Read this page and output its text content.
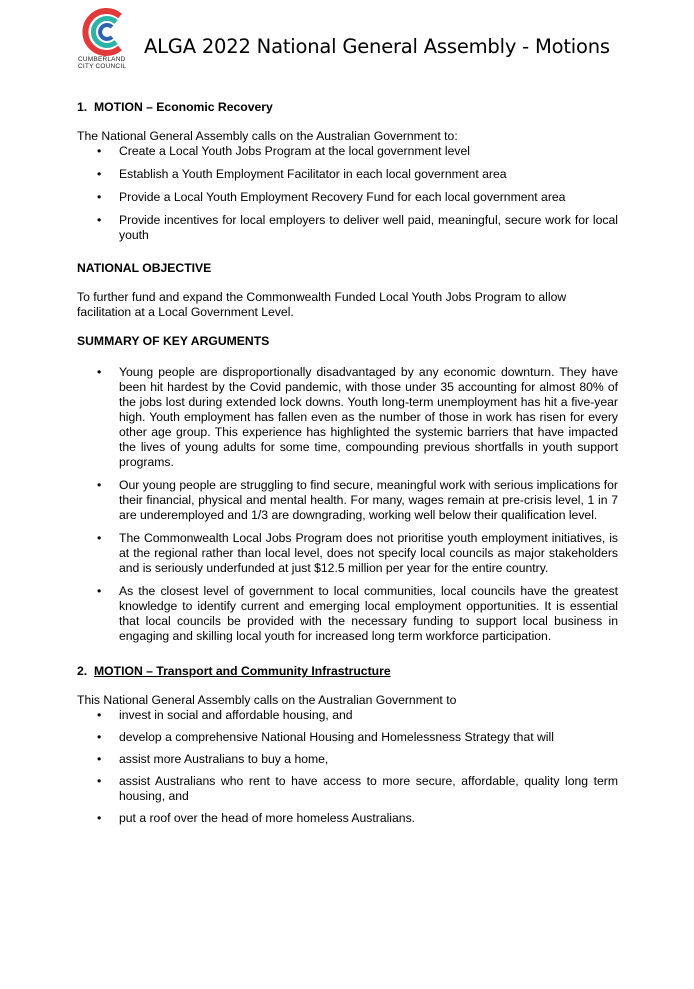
CUMBERLAND
CITY COUNCIL
ALGA 2022 National General Assembly - Motions
1. MOTION – Economic Recovery

The National General Assembly calls on the Australian Government to:

• Create a Local Youth Jobs Program at the local government level
• Establish a Youth Employment Facilitator in each local government area
• Provide a Local Youth Employment Recovery Fund for each local government area
• Provide incentives for local employers to deliver well paid, meaningful, secure work for local youth
NATIONAL OBJECTIVE

To further fund and expand the Commonwealth Funded Local Youth Jobs Program to allow facilitation at a Local Government Level.

SUMMARY OF KEY ARGUMENTS
• Young people are disproportionally disadvantaged by any economic downturn. They have been hit hardest by the Covid pandemic, with those under 35 accounting for almost 80% of the jobs lost during extended lock downs. Youth long-term unemployment has hit a five-year high. Youth employment has fallen even as the number of those in work has risen for every other age group. This experience has highlighted the systemic barriers that have impacted the lives of young adults for some time, compounding previous shortfalls in youth support programs.
• Our young people are struggling to find secure, meaningful work with serious implications for their financial, physical and mental health. For many, wages remain at pre-crisis level, 1 in 7 are underemployed and 1/3 are downgrading, working well below their qualification level.
• The Commonwealth Local Jobs Program does not prioritise youth employment initiatives, is at the regional rather than local level, does not specify local councils as major stakeholders and is seriously underfunded at just $12.5 million per year for the entire country.
• As the closest level of government to local communities, local councils have the greatest knowledge to identify current and emerging local employment opportunities. It is essential that local councils be provided with the necessary funding to support local business in engaging and skilling local youth for increased long term workforce participation.
2. MOTION – Transport and Community Infrastructure

This National General Assembly calls on the Australian Government to

• invest in social and affordable housing, and
• develop a comprehensive National Housing and Homelessness Strategy that will
• assist more Australians to buy a home,
• assist Australians who rent to have access to more secure, affordable, quality long term housing, and
• put a roof over the head of more homeless Australians.
